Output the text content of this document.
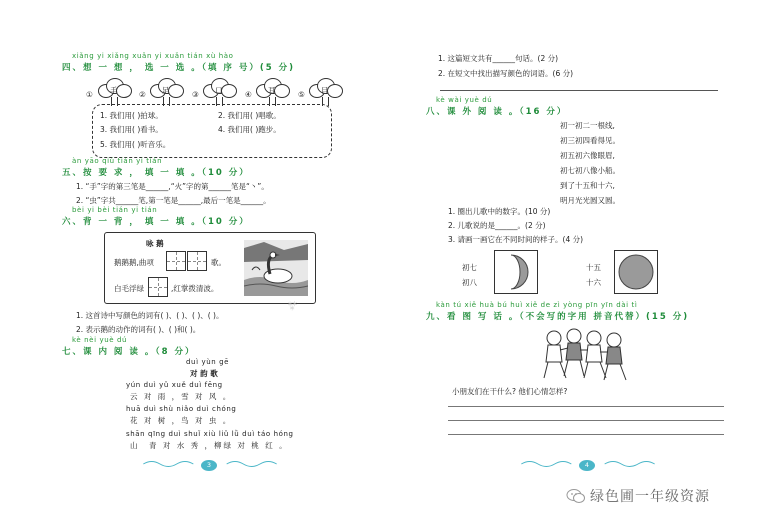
xiǎng yi xiǎng xuǎn yi xuǎn tián xù hào
四、想 一 想 ， 选 一 选 。（填 序 号）(5 分)
① 手	② 足	③ 口	④ 耳	⑤ 目
1. 我们用( )拍球。	2. 我们用( )唱歌。
3. 我们用( )看书。	4. 我们用( )跑步。
5. 我们用( )听音乐。
àn yāo qiú tián yi tián
五、按 要 求 ， 填 一 填 。（10 分）
1. “手”字的第三笔是______,“火”字的第______笔是“丶”。
2. “虫”字共______笔,第一笔是______,最后一笔是______。
bèi yi bèi tián yi tián
六、背 一 背 ， 填 一 填 。（10 分）
咏 鹅
鹅鹅鹅,曲项	歌。
白毛浮绿	,红掌拨清波。
1. 这首诗中写颜色的词有( )、( )、( )、( )。
2. 表示鹅的动作的词有( )、( )和( )。
kè nèi yuè dú
七、课 内 阅 读 。（8 分）
duì yùn gē
对 韵 歌
yún duì yǔ xuě duì fēng
云 对 雨 ，雪 对 风 。
huā duì shù niǎo duì chóng
花 对 树 ，鸟 对 虫 。
shān qīng duì shuǐ xiù liǔ lǜ duì táo hóng
山　青 对 水 秀 ，柳绿 对 桃 红 。
3
⁂
1. 这篇短文共有______句话。(2 分)
2. 在短文中找出描写颜色的词语。(6 分)
kè wài yuè dú
八、课 外 阅 读 。（16 分）
初一初二一根线,
初三初四看得见。
初五初六像眼眉,
初七初八像小船。
到了十五和十六,
明月光光圆又圆。
1. 圈出儿歌中的数字。(10 分)
2. 儿歌说的是______。(2 分)
3. 请画一画它在不同时间的样子。(4 分)
初七
初八
十五
十六
kàn tú xiě huà bú huì xiě de zì yòng pīn yīn dài tì
九、看 图 写 话 。（不会写的字用 拼音代替）(15 分)
小朋友们在干什么? 他们心情怎样?
4
绿色圃一年级资源
